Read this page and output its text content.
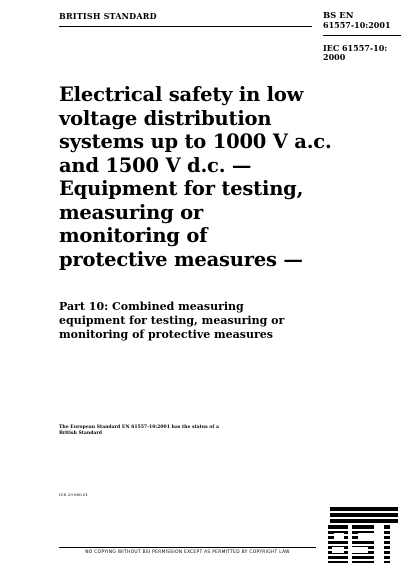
BRITISH STANDARD	BS EN
61557-10:2001
IEC 61557-10:
2000
Electrical safety in low
voltage distribution
systems up to 1000 V a.c.
and 1500 V d.c. —
Equipment for testing,
measuring or
monitoring of
protective measures —
Part 10: Combined measuring
equipment for testing, measuring or
monitoring of protective measures
The European Standard EN 61557-10:2001 has the status of a
British Standard
ICS 29.080.01
NO COPYING WITHOUT BSI PERMISSION EXCEPT AS PERMITTED BY COPYRIGHT LAW
